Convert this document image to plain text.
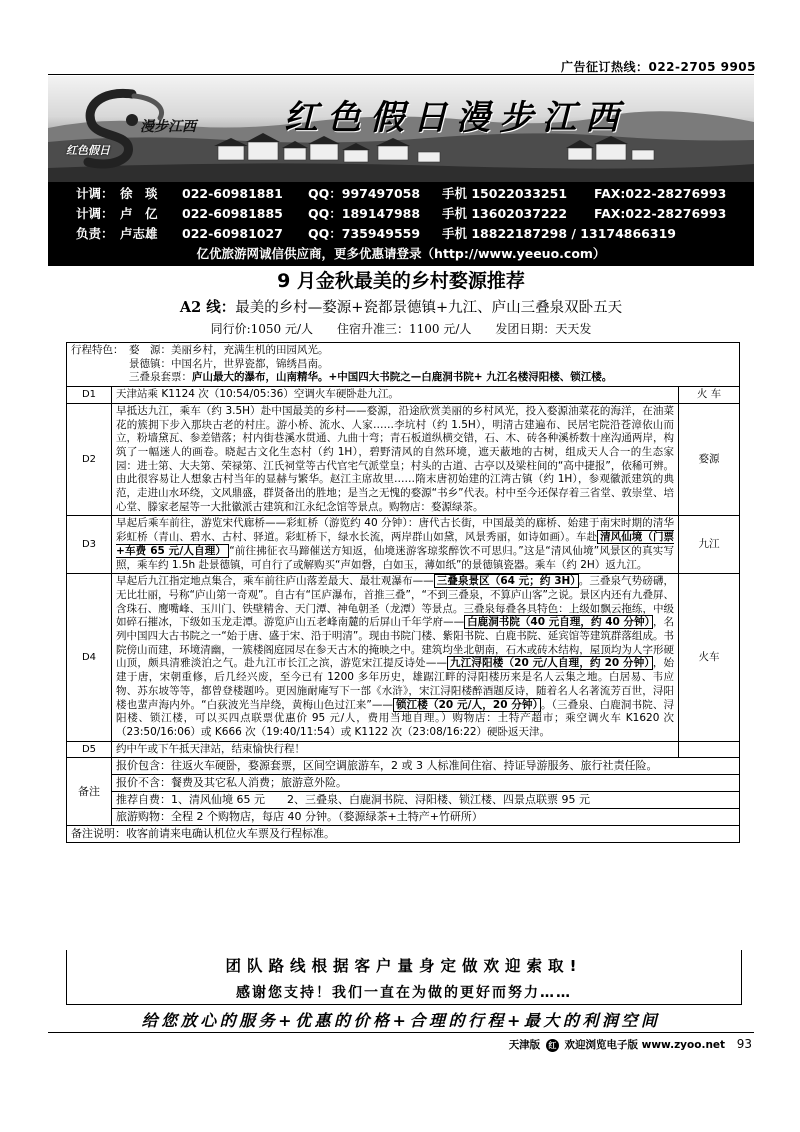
广告征订热线：022-2705 9905
漫步江西
红色假日
红色假日漫步江西
计调： 徐　琰 022-60981881 QQ：997497058 手机 15022033251 FAX:022-28276993
计调： 卢　亿 022-60981885 QQ：189147988 手机 13602037222 FAX:022-28276993
负责： 卢志雄 022-60981027 QQ：735949559 手机 18822187298 / 13174866319
亿优旅游网诚信供应商，更多优惠请登录（http://www.yeeuo.com）
9 月金秋最美的乡村婺源推荐
A2 线：最美的乡村—婺源+瓷都景德镇+九江、庐山三叠泉双卧五天
同行价:1050 元/人　　住宿升准三：1100 元/人　　发团日期：天天发
行程特色： 婺　源：美丽乡村，充满生机的田园风光。
景德镇：中国名片，世界瓷都，锦绣昌南。
三叠泉套票：庐山最大的瀑布，山南精华。+中国四大书院之—白鹿洞书院+ 九江名楼浔阳楼、锁江楼。		

D1	天津站乘 K1124 次（10:54/05:36）空调火车硬卧赴九江。	火 车
D2	早抵达九江，乘车（约 3.5H）赴中国最美的乡村——婺源，沿途欣赏美丽的乡村风光，投入婺源油菜花的海洋，在油菜花的簇拥下步入那块古老的村庄。游小桥、流水、人家……李坑村（约 1.5H），明清古建遍布、民居宅院沿苍漳依山而立，粉墙黛瓦、参差错落；村内街巷溪水贯通、九曲十弯；青石板道纵横交错，石、木、砖各种溪桥数十座沟通两岸，构筑了一幅迷人的画卷。晓起古文化生态村（约 1H），碧野清风的自然环境，遮天蔽地的古树，组成天人合一的生态家园：进士第、大夫第、荣禄第、江氏祠堂等古代官宅气派堂皇；村头的古道、古亭以及梁柱间的“高中捷报”，依稀可辨。由此很容易让人想象古村当年的显赫与繁华。赵江主席故里……隋末唐初始建的江湾古镇（约 1H），参观徽派建筑的典范，走进山水环绕，文风鼎盛，群贤备出的胜地；是当之无愧的婺源“书乡”代表。村中至今还保存着三省堂、敦崇堂、培心堂、滕家老屋等一大批徽派古建筑和江永纪念馆等景点。购物店：婺源绿茶。	婺源
D3	早起后乘车前往，游览宋代廊桥——彩虹桥（游览约 40 分钟）：唐代古长街，中国最美的廊桥、始建于南宋时期的清华彩虹桥（青山、碧水、古村、驿道。彩虹桥下，绿水长流，两岸群山如黛，风景秀丽，如诗如画）。车赴 清风仙境（门票+车费 65 元/人自理） “前往拂征衣马蹄催送方知返，仙境迷游客琼浆醉饮不可思归。”这是“清风仙境”风景区的真实写照，乘车约 1.5h 赴景德镇，可自行了或解购买“声如磬，白如玉，薄如纸”的景德镇瓷器。乘车（约 2H）返九江。	九江
D4	早起后九江指定地点集合，乘车前往庐山落差最大、最壮观瀑布—— 三叠泉景区（64 元；约 3H） 。三叠泉气势磅礴，无比壮丽，号称“庐山第一奇观”。自古有“匡庐瀑布，首推三叠”，“不到三叠泉，不算庐山客”之说。景区内还有九叠屏、含珠石、鹰嘴峰、玉川门、铁壁精舍、天门潭、神龟朝圣（龙潭）等景点。三叠泉每叠各具特色：上级如飘云拖练，中级如碎石摧冰，下级如玉龙走潭。游览庐山五老峰南麓的后屏山千年学府—— 白鹿洞书院（40 元自理，约 40 分钟） ，名列中国四大古书院之一“始于唐、盛于宋、沿于明清”。现由书院门楼、紫阳书院、白鹿书院、延宾馆等建筑群落组成。书院傍山而建，环境清幽，一簇楼阁庭园尽在参天古木的掩映之中。建筑均坐北朝南，石木或砖木结构，屋顶均为人字形硬山顶，颇具清雅淡泊之气。赴九江市长江之滨，游览宋江提反诗处—— 九江浔阳楼（20 元/人自理，约 20 分钟） ，始建于唐，宋朝重修，后几经兴废，至今已有 1200 多年历史，雄踞江畔的浔阳楼历来是名人云集之地。白居易、韦应物、苏东坡等等，都曾登楼题吟。更因施耐庵写下一部《水浒》，宋江浔阳楼醉酒题反诗，随着名人名著流芳百世，浔阳楼也蜚声海内外。“白荻波光当岸绕，黄梅山色过江来”—— 锁江楼（20 元/人，20 分钟） 。（三叠泉、白鹿洞书院、浔阳楼、锁江楼，可以买四点联票优惠价 95 元/人，费用当地自理。）购物店：土特产超市；乘空调火车 K1620 次（23:50/16:06）或 K666 次（19:40/11:54）或 K1122 次（23:08/16:22）硬卧返天津。	火车
D5	约中午或下午抵天津站，结束愉快行程！	
备注	报价包含：往返火车硬卧，婺源套票，区间空调旅游车，2 或 3 人标准间住宿、持证导游服务、旅行社责任险。	
	报价不含：餐费及其它私人消费；旅游意外险。	
	推荐自费：1、清风仙境 65 元　　2、三叠泉、白鹿洞书院、浔阳楼、锁江楼、四景点联票 95 元	
	旅游购物：全程 2 个购物店，每店 40 分钟。（婺源绿茶+土特产+竹研所）	
备注说明：收客前请来电确认机位火车票及行程标准。		
团队路线根据客户量身定做欢迎索取!
感谢您支持！我们一直在为做的更好而努力……
给您放心的服务+优惠的价格+合理的行程+最大的利润空间
天津版 红 欢迎浏览电子版 www.zyoo.net 93
